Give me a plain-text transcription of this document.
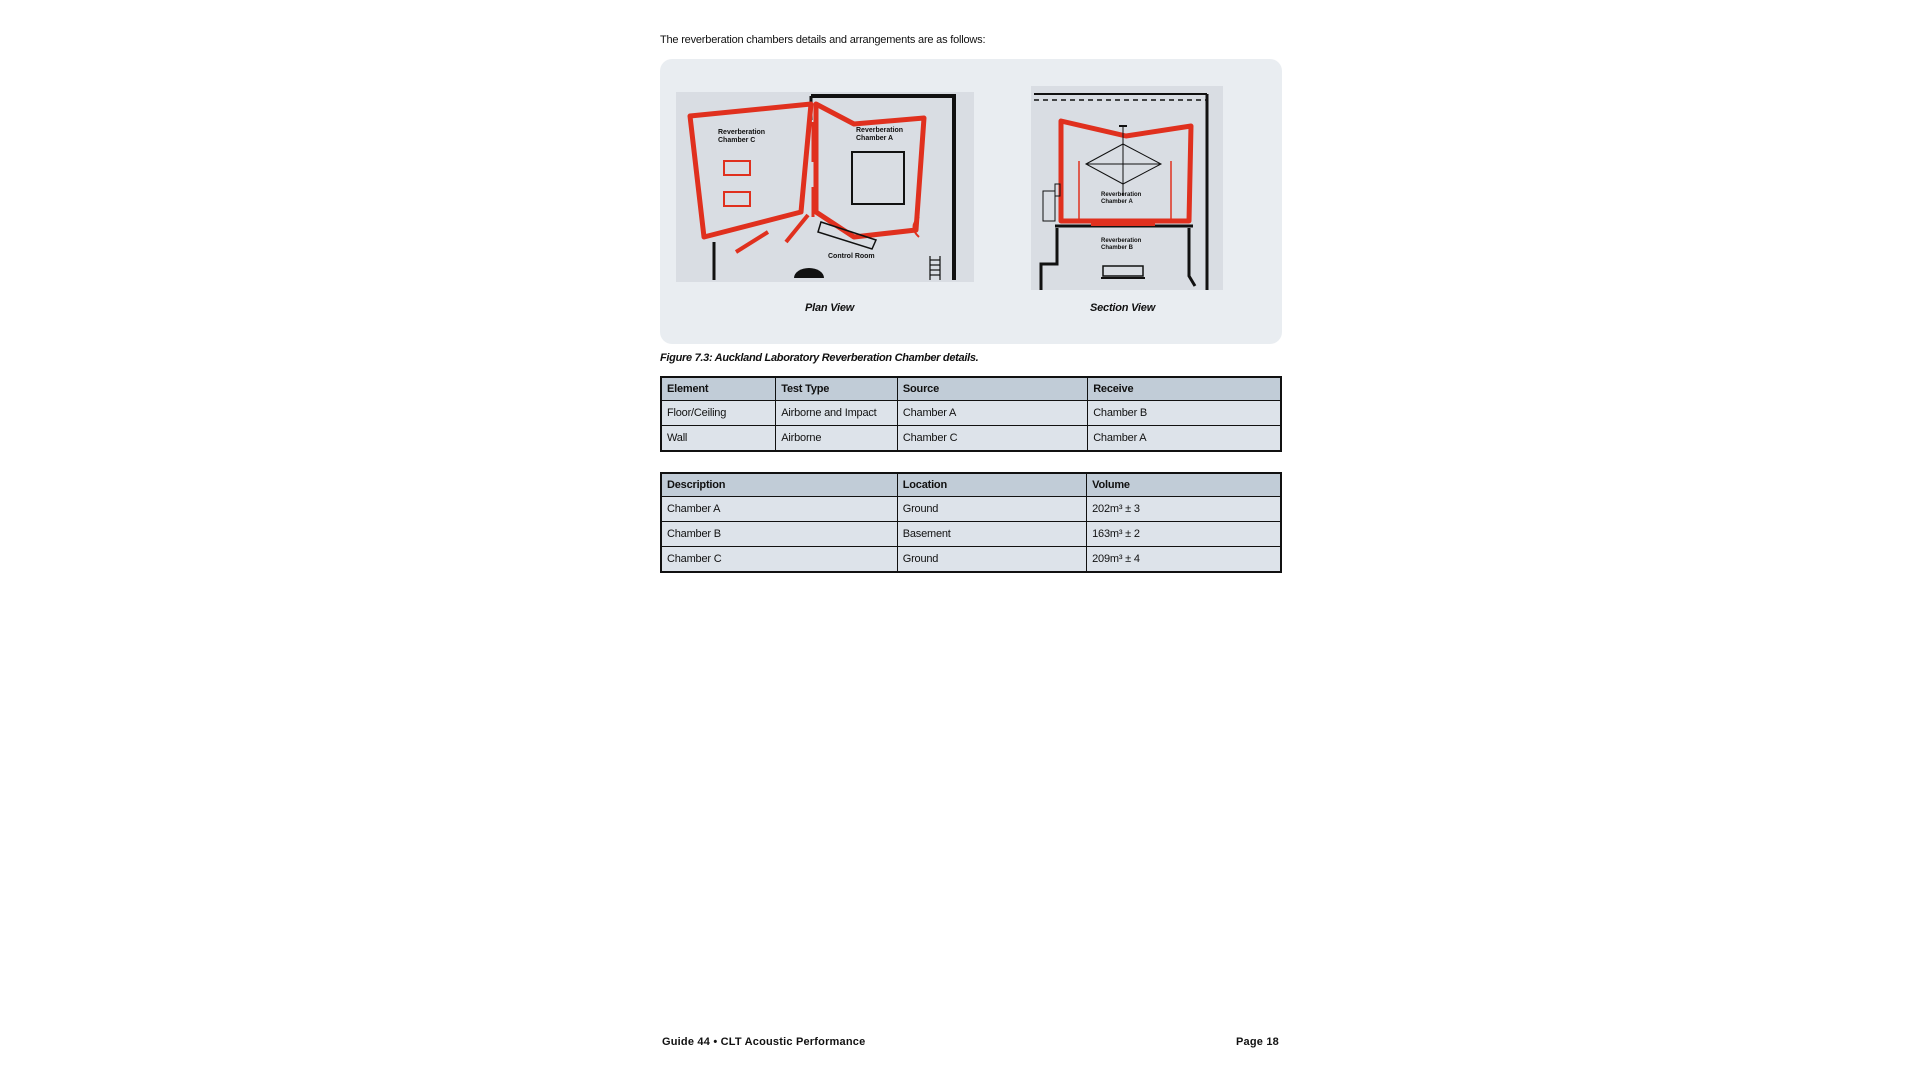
The reverberation chambers details and arrangements are as follows:
Reverberation
Chamber C
Reverberation
Chamber A
Control Room
Reverberation
Chamber A
Reverberation
Chamber B
Plan View	Section View
Figure 7.3: Auckland Laboratory Reverberation Chamber details.
Element	Test Type	Source	Receive
Floor/Ceiling	Airborne and Impact	Chamber A	Chamber B
Wall	Airborne	Chamber C	Chamber A
Description	Location	Volume
Chamber A	Ground	202m³ ± 3
Chamber B	Basement	163m³ ± 2
Chamber C	Ground	209m³ ± 4
Guide 44 • CLT Acoustic Performance	Page 18
